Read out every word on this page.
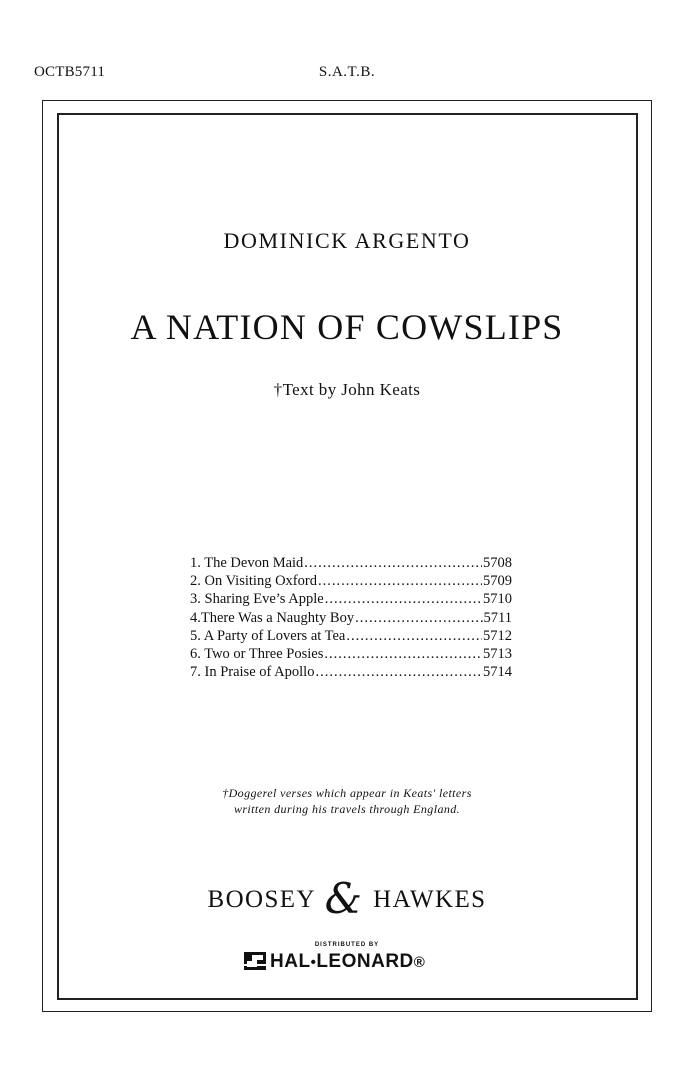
OCTB5711	S.A.T.B.
DOMINICK ARGENTO
A NATION OF COWSLIPS
†Text by John Keats
1. The Devon Maid .....	5708
2. On Visiting Oxford .....	5709
3. Sharing Eve’s Apple .....	5710
4.There Was a Naughty Boy .....	5711
5. A Party of Lovers at Tea .....	5712
6. Two or Three Posies .....	5713
7. In Praise of Apollo .....	5714
†Doggerel verses which appear in Keats' letters
written during his travels through England.
BOOSEY & HAWKES
DISTRIBUTED BY
HAL•LEONARD®
